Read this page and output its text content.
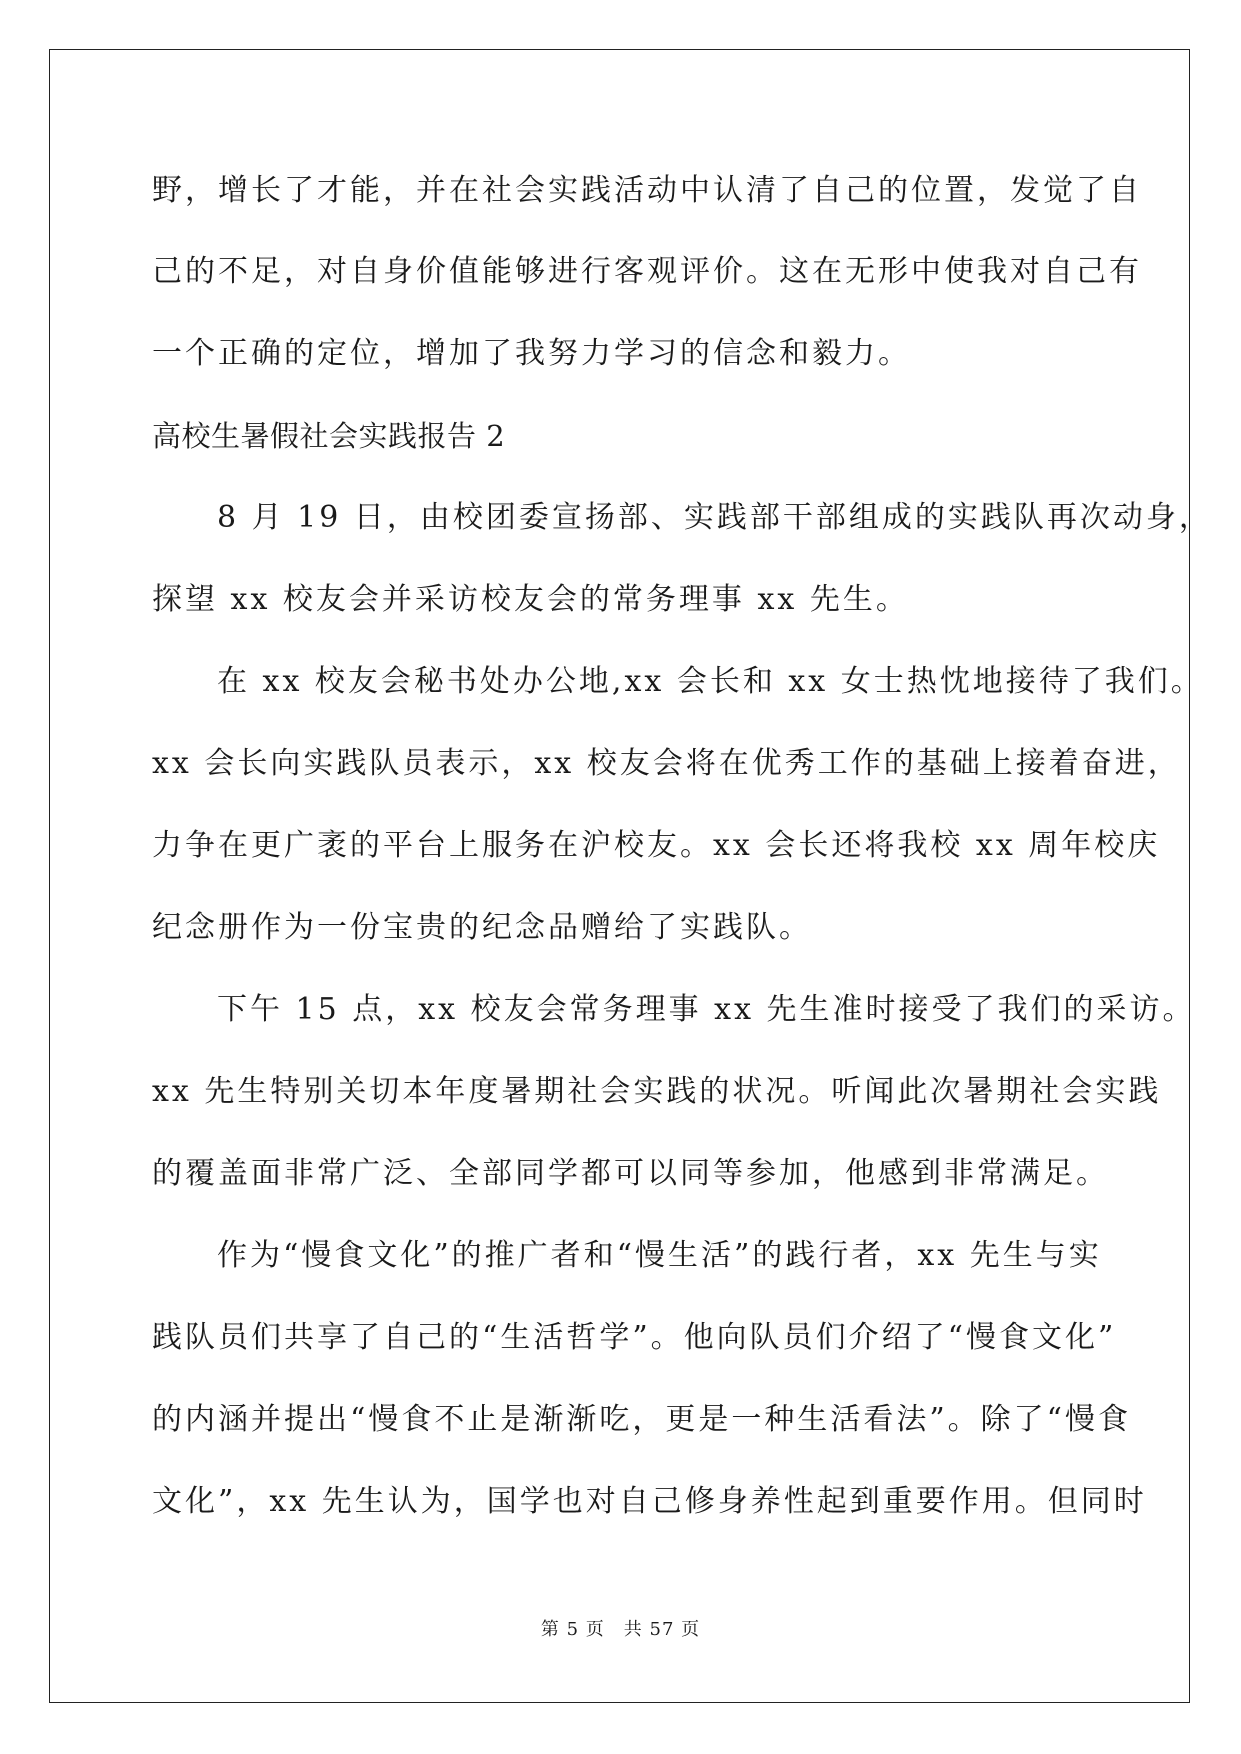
野，增长了才能，并在社会实践活动中认清了自己的位置，发觉了自
己的不足，对自身价值能够进行客观评价。这在无形中使我对自己有
一个正确的定位，增加了我努力学习的信念和毅力。
高校生暑假社会实践报告 2
8 月 19 日，由校团委宣扬部、实践部干部组成的实践队再次动身，
探望 xx 校友会并采访校友会的常务理事 xx 先生。
在 xx 校友会秘书处办公地,xx 会长和 xx 女士热忱地接待了我们。
xx 会长向实践队员表示，xx 校友会将在优秀工作的基础上接着奋进，
力争在更广袤的平台上服务在沪校友。xx 会长还将我校 xx 周年校庆
纪念册作为一份宝贵的纪念品赠给了实践队。
下午 15 点，xx 校友会常务理事 xx 先生准时接受了我们的采访。
xx 先生特别关切本年度暑期社会实践的状况。听闻此次暑期社会实践
的覆盖面非常广泛、全部同学都可以同等参加，他感到非常满足。
作为“慢食文化”的推广者和“慢生活”的践行者，xx 先生与实
践队员们共享了自己的“生活哲学”。他向队员们介绍了“慢食文化”
的内涵并提出“慢食不止是渐渐吃，更是一种生活看法”。除了“慢食
文化”，xx 先生认为，国学也对自己修身养性起到重要作用。但同时
第 5 页　共 57 页
